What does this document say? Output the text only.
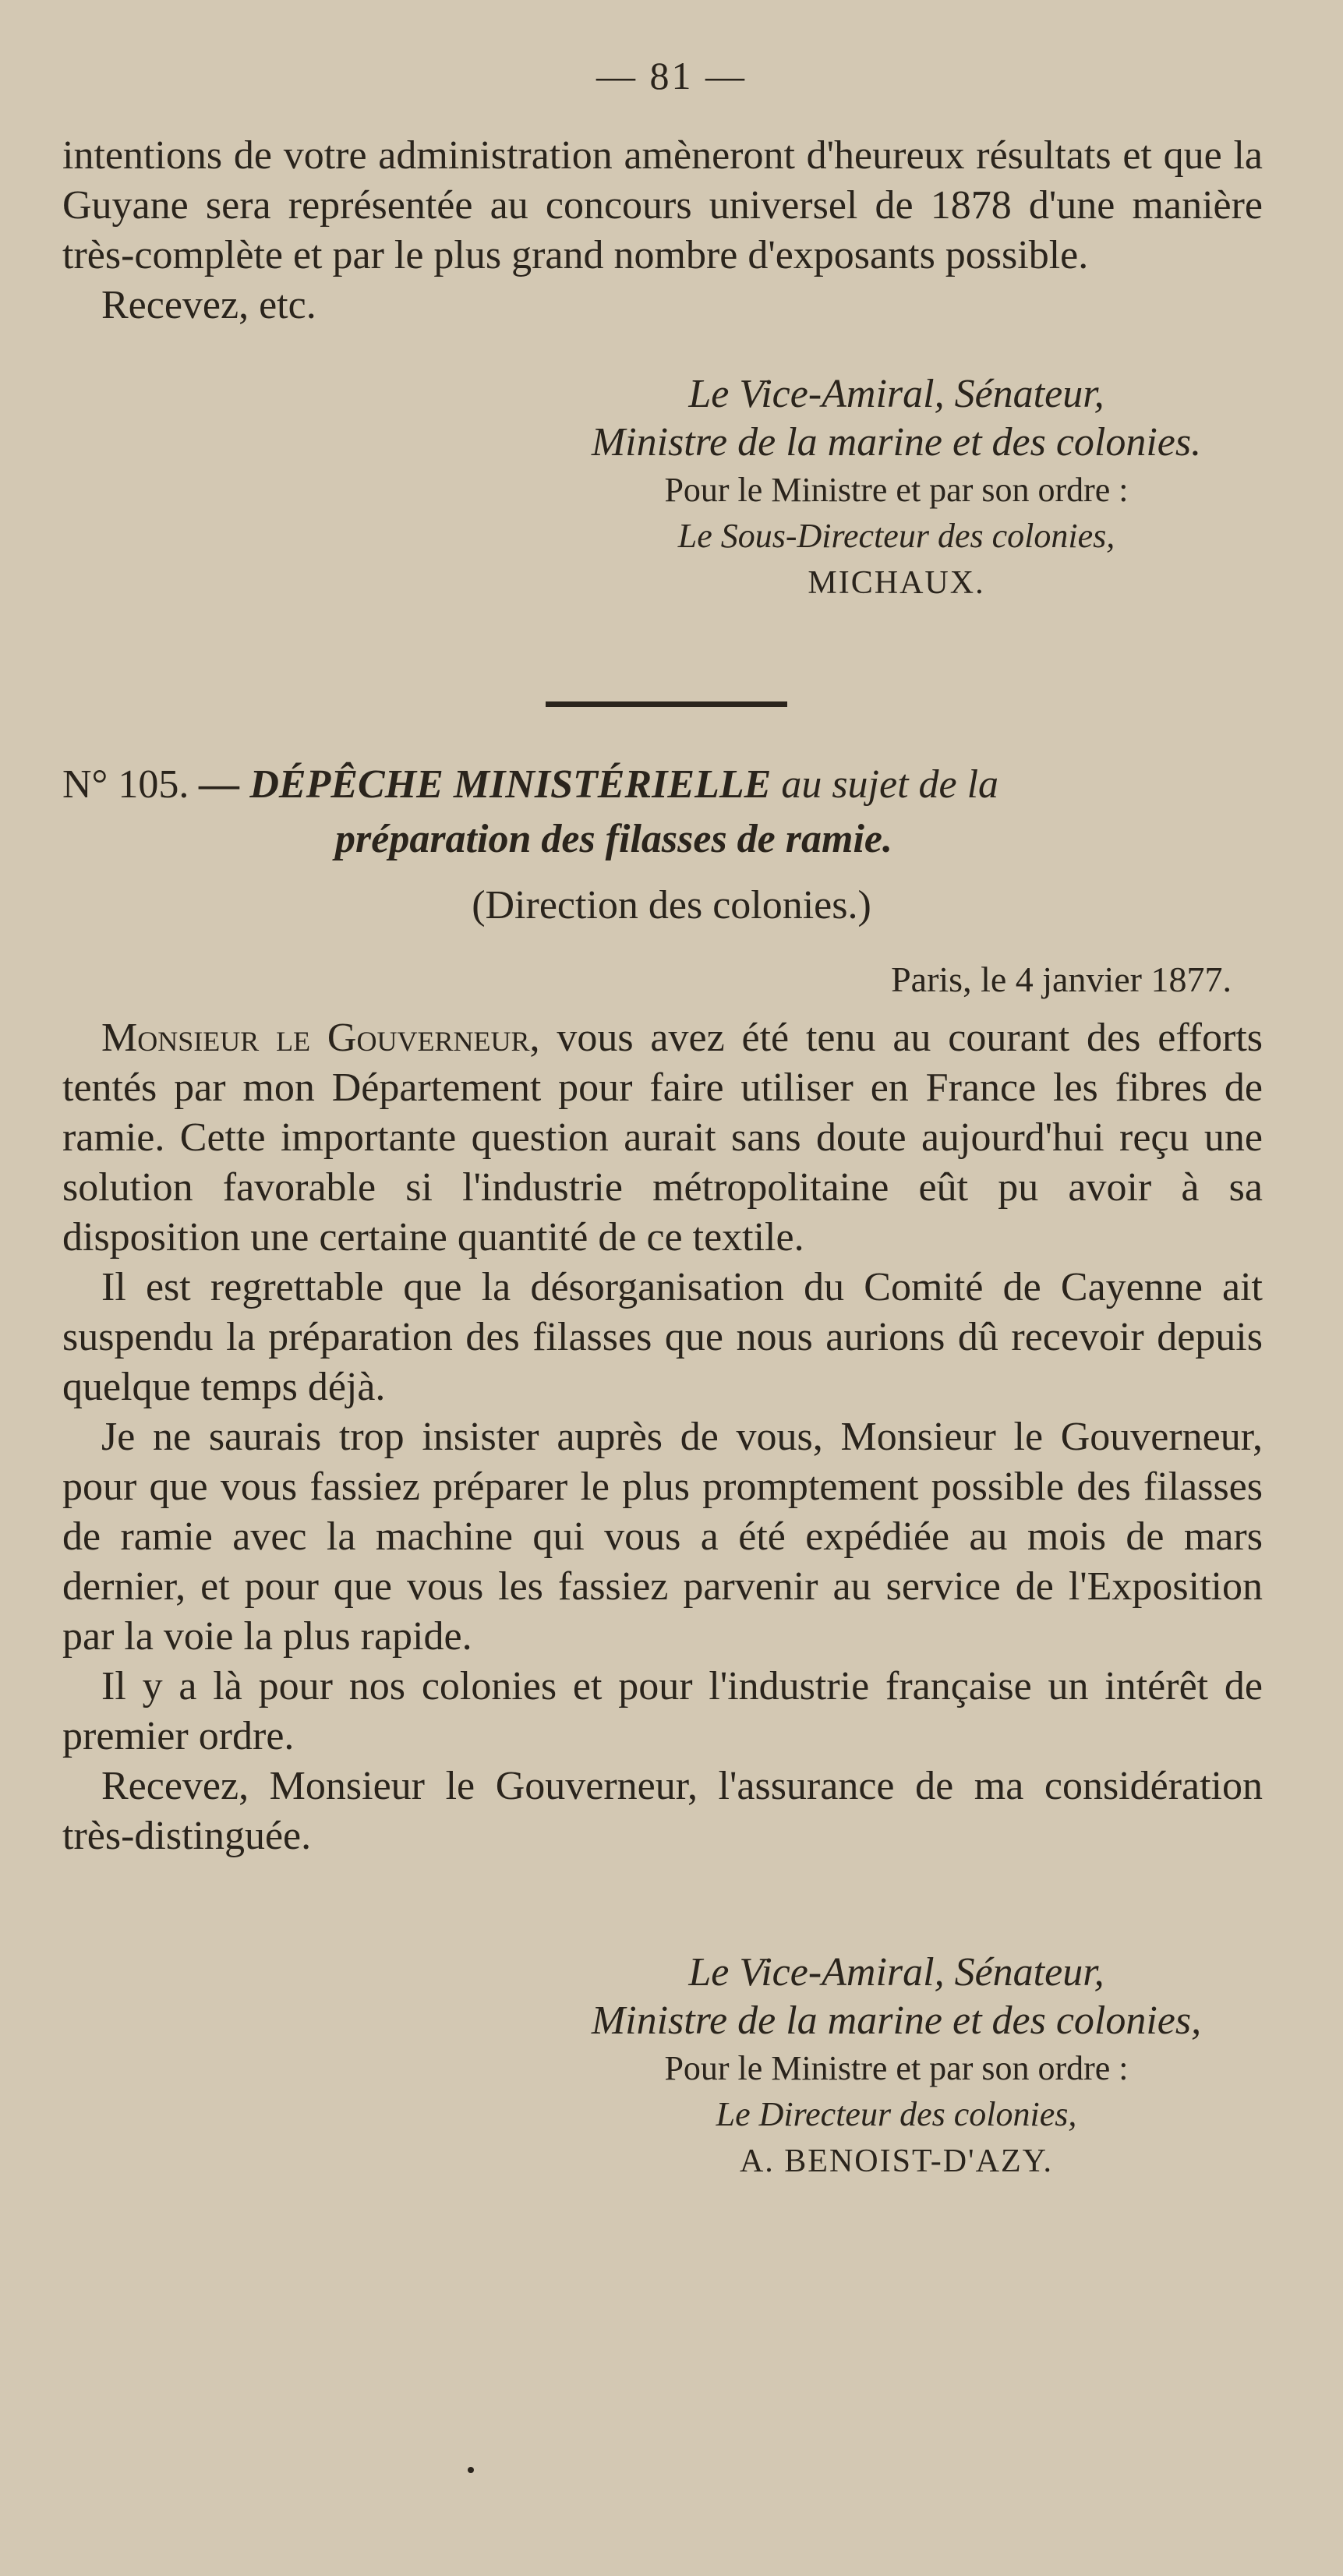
— 81 —

intentions de votre administration amèneront d'heureux résultats et que la Guyane sera représentée au concours universel de 1878 d'une manière très-complète et par le plus grand nombre d'exposants possible.

Recevez, etc.

Le Vice-Amiral, Sénateur,
Ministre de la marine et des colonies.
Pour le Ministre et par son ordre :
Le Sous-Directeur des colonies,
MICHAUX.
N° 105. — DÉPÊCHE MINISTÉRIELLE au sujet de la
préparation des filasses de ramie.
(Direction des colonies.)
Paris, le 4 janvier 1877.

Monsieur le Gouverneur, vous avez été tenu au courant des efforts tentés par mon Département pour faire utiliser en France les fibres de ramie. Cette importante question aurait sans doute aujourd'hui reçu une solution favorable si l'industrie métropolitaine eût pu avoir à sa disposition une certaine quantité de ce textile.

Il est regrettable que la désorganisation du Comité de Cayenne ait suspendu la préparation des filasses que nous aurions dû recevoir depuis quelque temps déjà.

Je ne saurais trop insister auprès de vous, Monsieur le Gouverneur, pour que vous fassiez préparer le plus promptement possible des filasses de ramie avec la machine qui vous a été expédiée au mois de mars dernier, et pour que vous les fassiez parvenir au service de l'Exposition par la voie la plus rapide.

Il y a là pour nos colonies et pour l'industrie française un intérêt de premier ordre.

Recevez, Monsieur le Gouverneur, l'assurance de ma considération très-distinguée.

Le Vice-Amiral, Sénateur,
Ministre de la marine et des colonies,
Pour le Ministre et par son ordre :
Le Directeur des colonies,
A. BENOIST-D'AZY.
